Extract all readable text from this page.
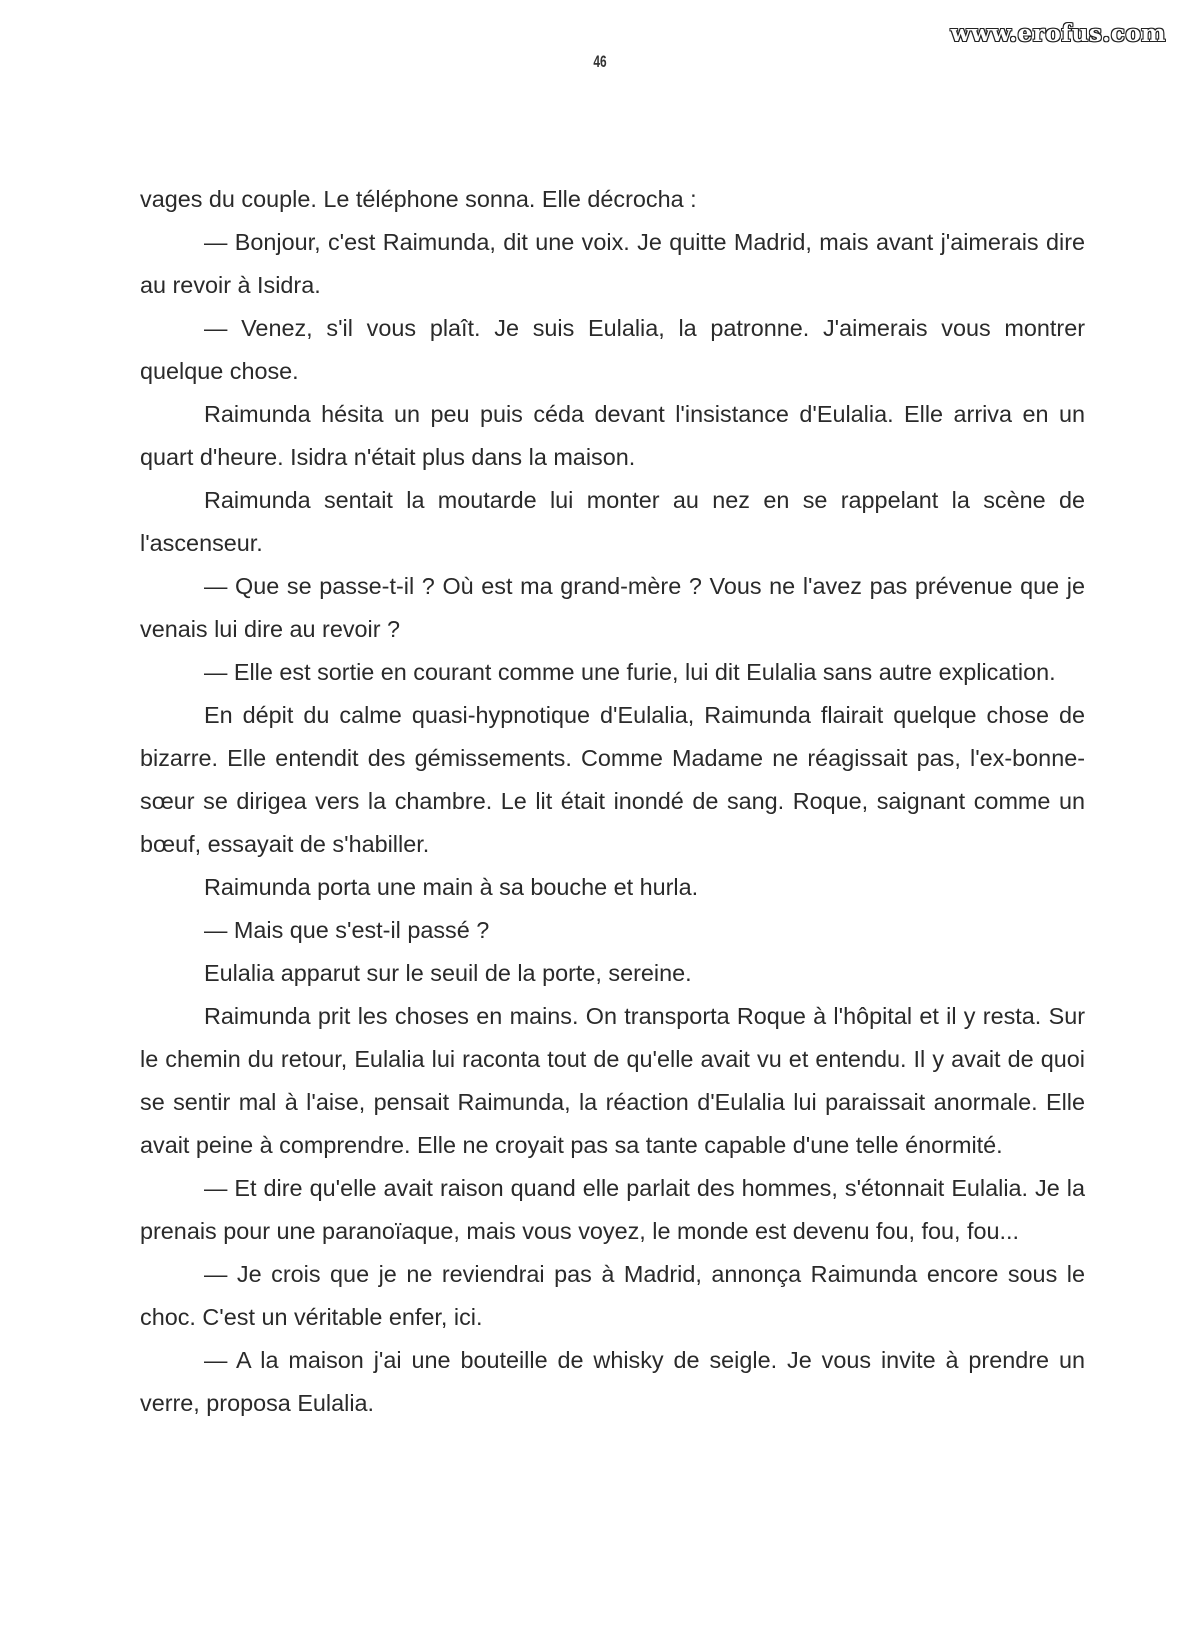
www.erofus.com
46

vages du couple. Le téléphone sonna. Elle décrocha :

— Bonjour, c'est Raimunda, dit une voix. Je quitte Madrid, mais avant j'aimerais dire au revoir à Isidra.

— Venez, s'il vous plaît. Je suis Eulalia, la patronne. J'aimerais vous montrer quelque chose.

Raimunda hésita un peu puis céda devant l'insistance d'Eulalia. Elle arriva en un quart d'heure. Isidra n'était plus dans la maison.

Raimunda sentait la moutarde lui monter au nez en se rappelant la scène de l'ascenseur.

— Que se passe-t-il ? Où est ma grand-mère ? Vous ne l'avez pas prévenue que je venais lui dire au revoir ?

— Elle est sortie en courant comme une furie, lui dit Eulalia sans autre explication.

En dépit du calme quasi-hypnotique d'Eulalia, Raimunda flairait quelque chose de bizarre. Elle entendit des gémissements. Comme Madame ne réagissait pas, l'ex-bonne-sœur se dirigea vers la chambre. Le lit était inondé de sang. Roque, saignant comme un bœuf, essayait de s'habiller.

Raimunda porta une main à sa bouche et hurla.

— Mais que s'est-il passé ?

Eulalia apparut sur le seuil de la porte, sereine.

Raimunda prit les choses en mains. On transporta Roque à l'hôpital et il y resta. Sur le chemin du retour, Eulalia lui raconta tout de qu'elle avait vu et entendu. Il y avait de quoi se sentir mal à l'aise, pensait Raimunda, la réaction d'Eulalia lui paraissait anormale. Elle avait peine à comprendre. Elle ne croyait pas sa tante capable d'une telle énormité.

— Et dire qu'elle avait raison quand elle parlait des hommes, s'étonnait Eulalia. Je la prenais pour une paranoïaque, mais vous voyez, le monde est devenu fou, fou, fou...

— Je crois que je ne reviendrai pas à Madrid, annonça Raimunda encore sous le choc. C'est un véritable enfer, ici.

— A la maison j'ai une bouteille de whisky de seigle. Je vous invite à prendre un verre, proposa Eulalia.
